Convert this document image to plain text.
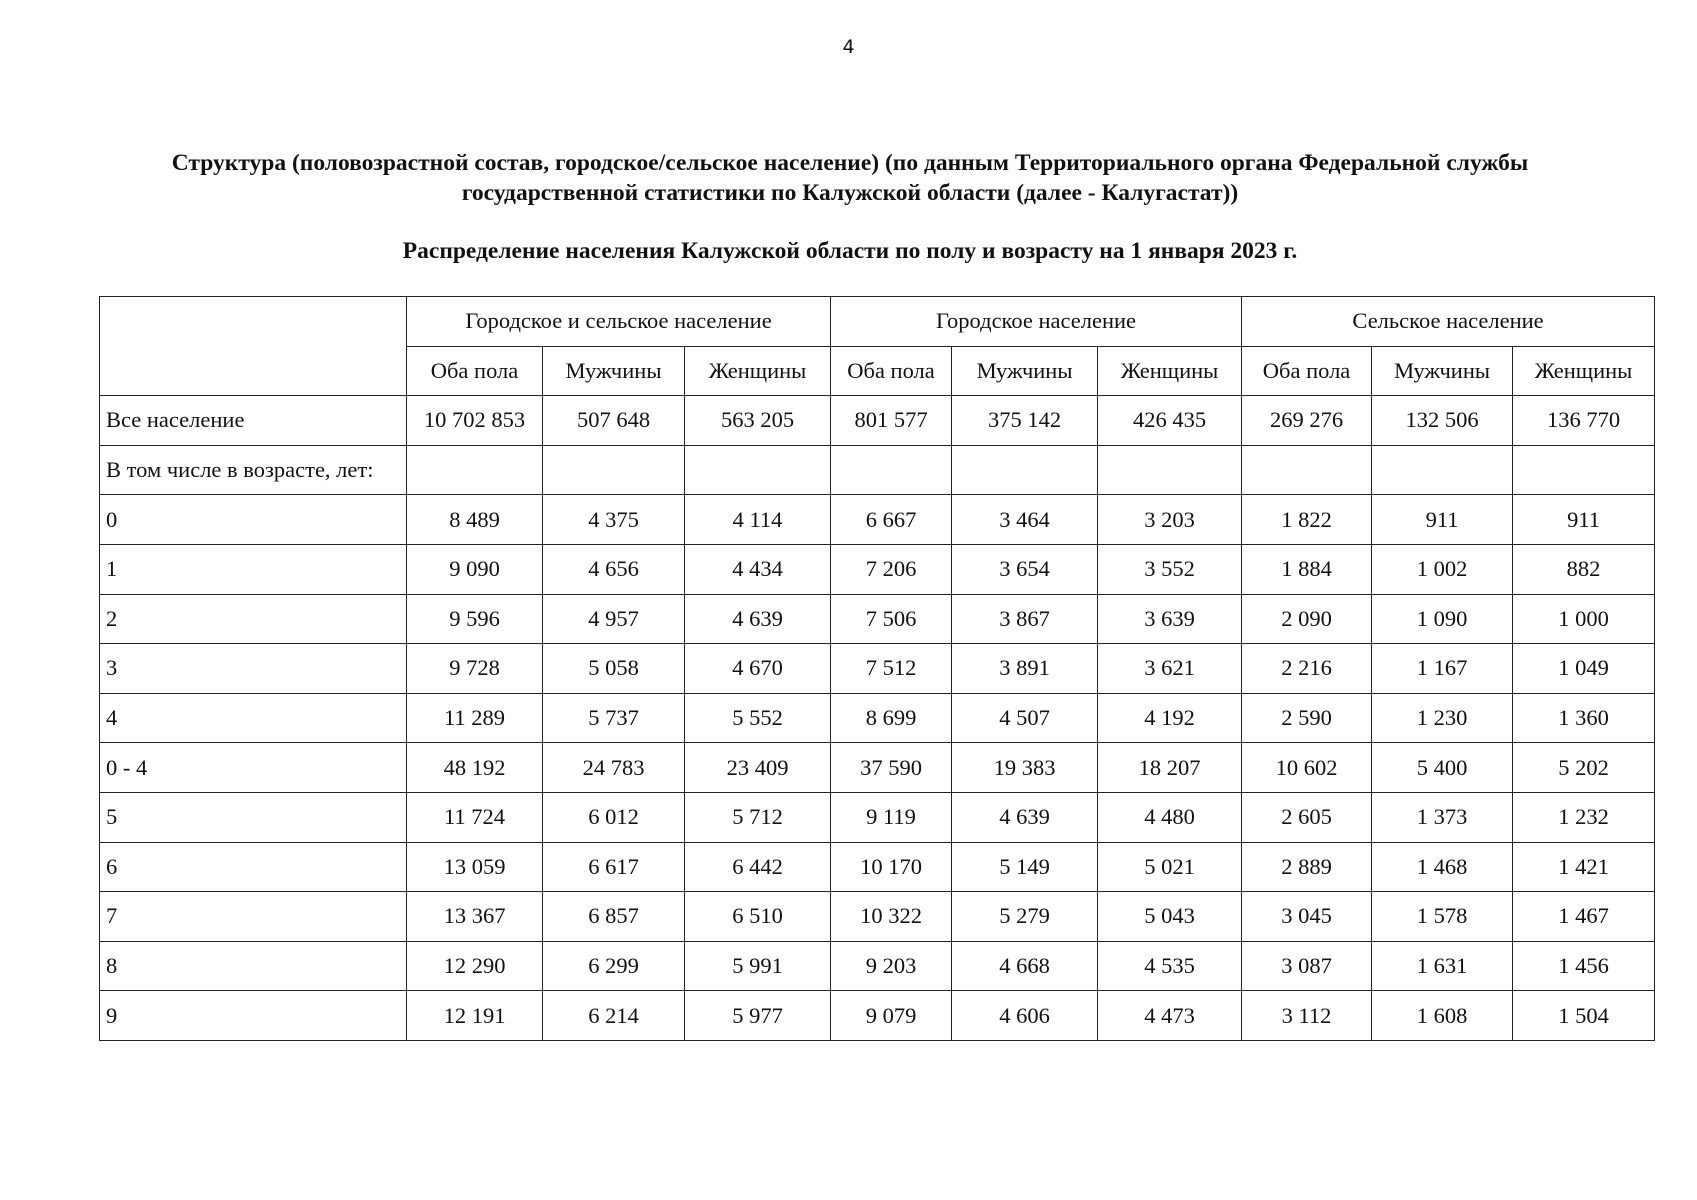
4
Структура (половозрастной состав, городское/сельское население) (по данным Территориального органа Федеральной службы
государственной статистики по Калужской области (далее - Калугастат))
Распределение населения Калужской области по полу и возрасту на 1 января 2023 г.
	Городское и сельское население			Городское население			Сельское население		
	Оба пола	Мужчины	Женщины	Оба пола	Мужчины	Женщины	Оба пола	Мужчины	Женщины
Все население	10 702 853	507 648	563 205	801 577	375 142	426 435	269 276	132 506	136 770
В том числе в возрасте, лет:									
0	8 489	4 375	4 114	6 667	3 464	3 203	1 822	911	911
1	9 090	4 656	4 434	7 206	3 654	3 552	1 884	1 002	882
2	9 596	4 957	4 639	7 506	3 867	3 639	2 090	1 090	1 000
3	9 728	5 058	4 670	7 512	3 891	3 621	2 216	1 167	1 049
4	11 289	5 737	5 552	8 699	4 507	4 192	2 590	1 230	1 360
0 - 4	48 192	24 783	23 409	37 590	19 383	18 207	10 602	5 400	5 202
5	11 724	6 012	5 712	9 119	4 639	4 480	2 605	1 373	1 232
6	13 059	6 617	6 442	10 170	5 149	5 021	2 889	1 468	1 421
7	13 367	6 857	6 510	10 322	5 279	5 043	3 045	1 578	1 467
8	12 290	6 299	5 991	9 203	4 668	4 535	3 087	1 631	1 456
9	12 191	6 214	5 977	9 079	4 606	4 473	3 112	1 608	1 504
